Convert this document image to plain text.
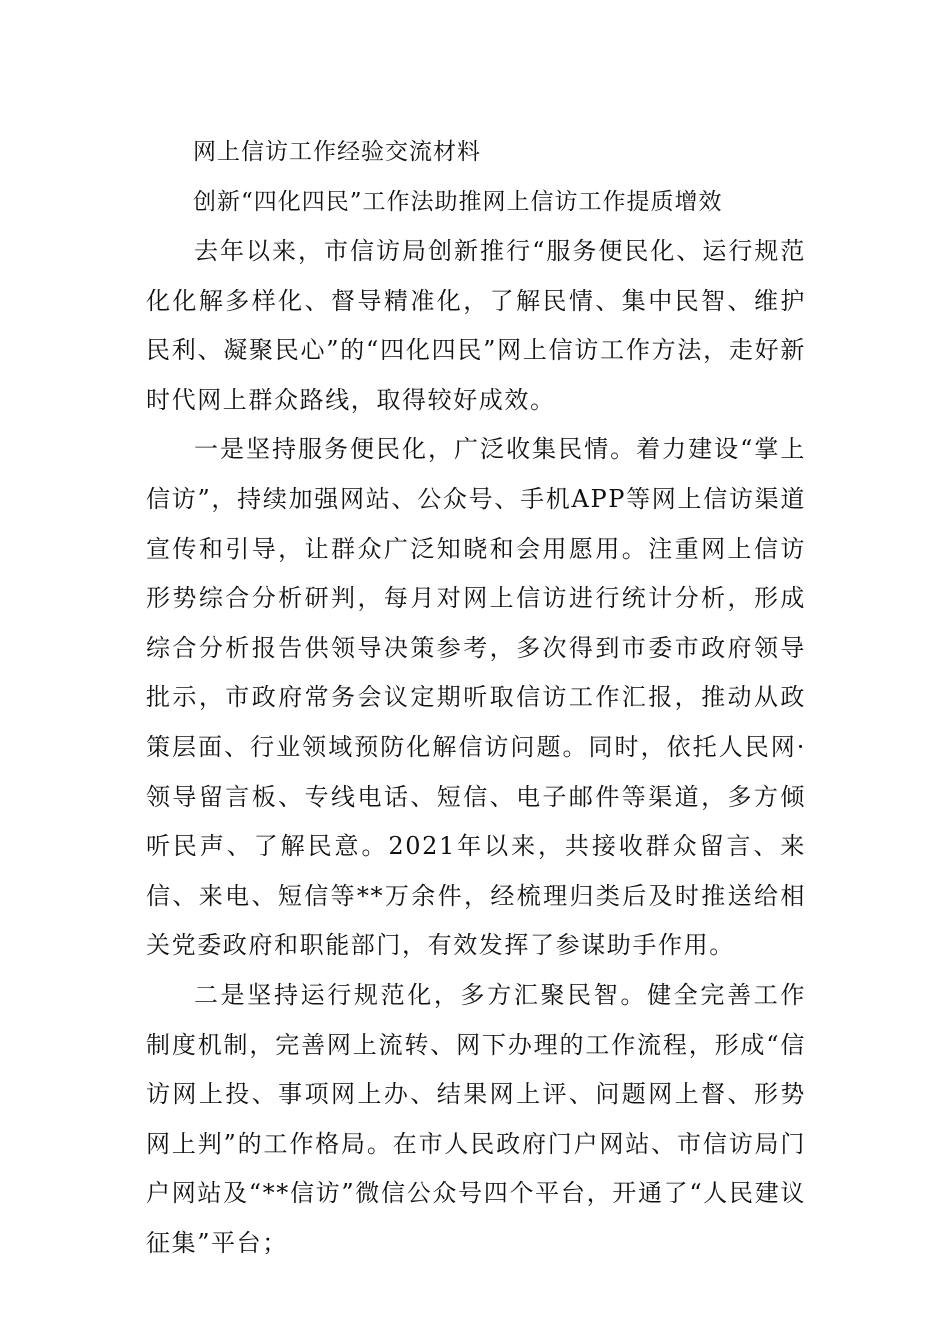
网上信访工作经验交流材料

创新“四化四民”工作法助推网上信访工作提质增效

去年以来，市信访局创新推行“服务便民化、运行规范化化解多样化、督导精准化，了解民情、集中民智、维护民利、凝聚民心”的“四化四民”网上信访工作方法，走好新时代网上群众路线，取得较好成效。

一是坚持服务便民化，广泛收集民情。着力建设“掌上信访”，持续加强网站、公众号、手机APP等网上信访渠道宣传和引导，让群众广泛知晓和会用愿用。注重网上信访形势综合分析研判，每月对网上信访进行统计分析，形成综合分析报告供领导决策参考，多次得到市委市政府领导批示，市政府常务会议定期听取信访工作汇报，推动从政策层面、行业领域预防化解信访问题。同时，依托人民网·领导留言板、专线电话、短信、电子邮件等渠道，多方倾听民声、了解民意。2021年以来，共接收群众留言、来信、来电、短信等**万余件，经梳理归类后及时推送给相关党委政府和职能部门，有效发挥了参谋助手作用。

二是坚持运行规范化，多方汇聚民智。健全完善工作制度机制，完善网上流转、网下办理的工作流程，形成“信访网上投、事项网上办、结果网上评、问题网上督、形势网上判”的工作格局。在市人民政府门户网站、市信访局门户网站及“**信访”微信公众号四个平台，开通了“人民建议征集”平台；
